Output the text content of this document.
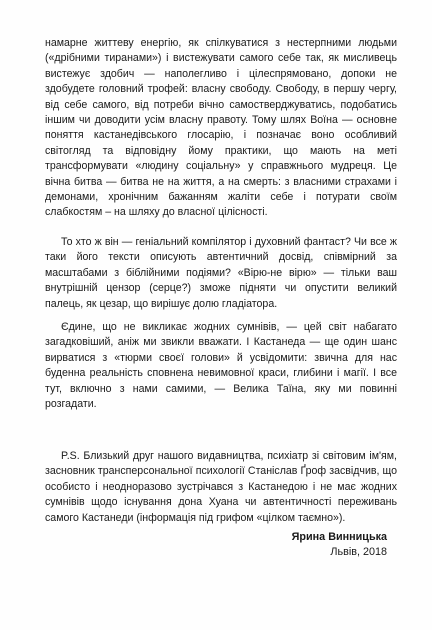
намарне життеву енергію, як спілкуватися з нестерпними людьми («дрібними тиранами») і вистежувати самого себе так, як мисливець вистежує здобич — наполегливо і цілеспрямовано, допоки не здобудете головний трофей: власну свободу. Свободу, в першу чергу, від себе самого, від потреби вічно самостверджуватись, подобатись іншим чи доводити усім власну правоту. Тому шлях Воїна — основне поняття кастанедівського глосарію, і позначає воно особливий світогляд та відповідну йому практики, що мають на меті трансформувати «людину соціальну» у справжнього мудреця. Це вічна битва — битва не на життя, а на смерть: з власними страхами і демонами, хронічним бажанням жаліти себе і потурати своїм слабкостям – на шляху до власної цілісності.

То хто ж він — геніальний компілятор і духовний фантаст? Чи все ж таки його тексти описують автентичний досвід, співмірний за масштабами з біблійними подіями? «Вірю-не вірю» — тільки ваш внутрішній цензор (серце?) зможе підняти чи опустити великий палець, як цезар, що вирішує долю гладіатора.

Єдине, що не викликає жодних сумнівів, — цей світ набагато загадковіший, аніж ми звикли вважати. І Кастанеда — ще один шанс вирватися з «тюрми своєї голови» й усвідомити: звична для нас буденна реальність сповнена невимовної краси, глибини і магії. І все тут, включно з нами самими, — Велика Таїна, яку ми повинні розгадати.

P.S. Близький друг нашого видавництва, психіатр зі світовим ім'ям, засновник трансперсональної психології Станіслав Ґроф засвідчив, що особисто і неодноразово зустрічався з Кастанедою і не має жодних сумнівів щодо існування дона Хуана чи автентичності переживань самого Кастанеди (інформація під грифом «цілком таємно»).

Ярина Винницька
Львів, 2018
